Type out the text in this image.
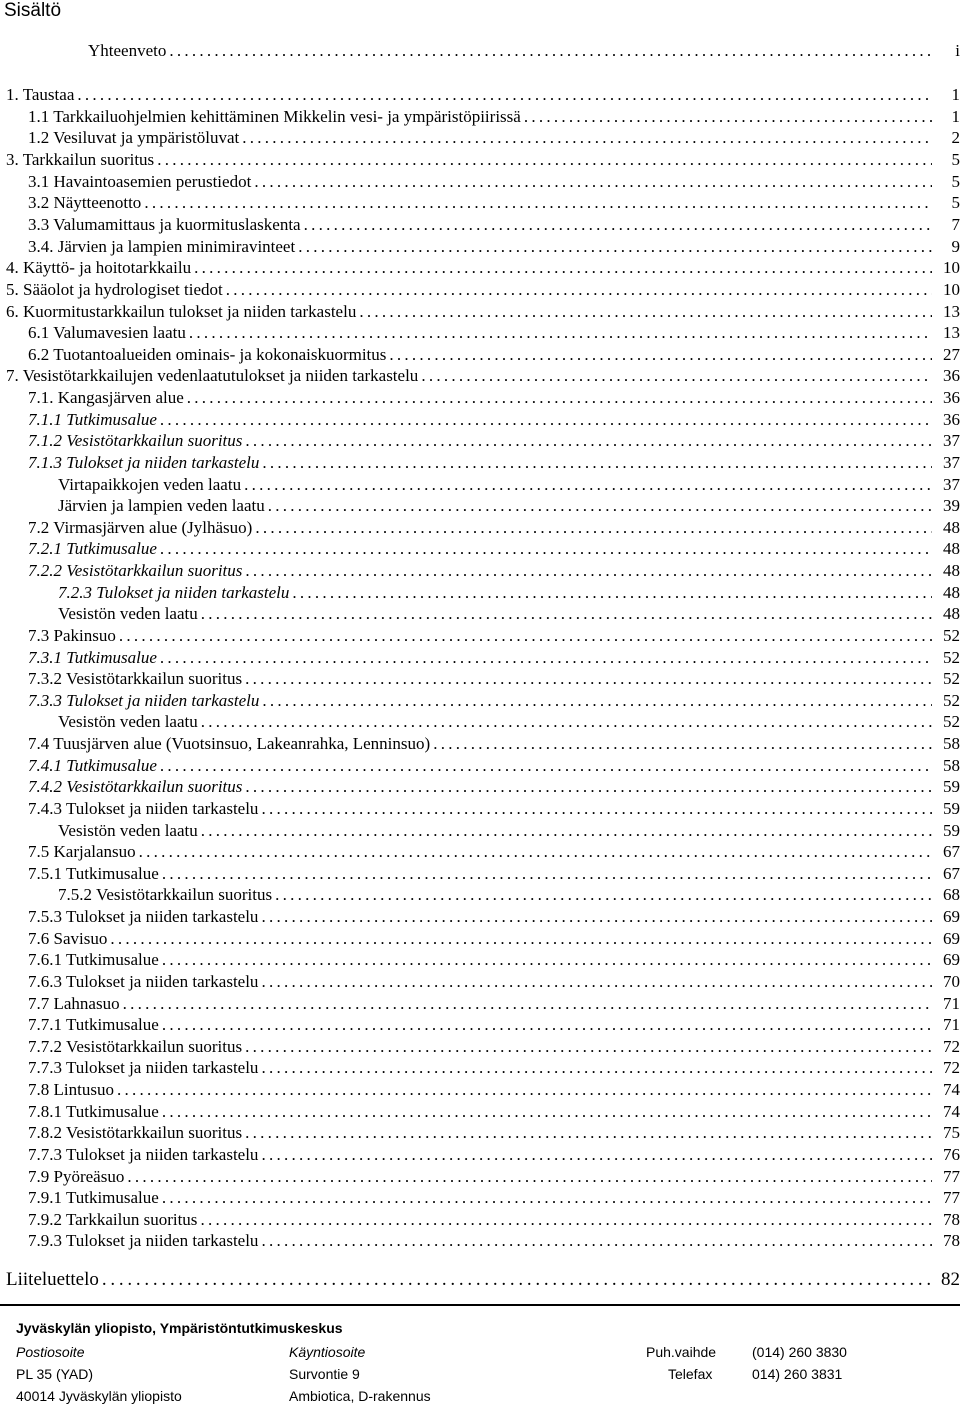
Sisältö
Yhteenveto . . .	i
1. Taustaa . . .	1
1.1 Tarkkailuohjelmien kehittäminen Mikkelin vesi- ja ympäristöpiirissä . . .	1
1.2 Vesiluvat ja ympäristöluvat . . .	2
3. Tarkkailun suoritus . . .	5
3.1 Havaintoasemien perustiedot . . .	5
3.2 Näytteenotto . . .	5
3.3 Valumamittaus ja kuormituslaskenta . . .	7
3.4. Järvien ja lampien minimiravinteet . . .	9
4. Käyttö- ja hoitotarkkailu . . .	10
5. Sääolot ja hydrologiset tiedot . . .	10
6. Kuormitustarkkailun tulokset ja niiden tarkastelu . . .	13
6.1 Valumavesien laatu . . .	13
6.2 Tuotantoalueiden ominais- ja kokonaiskuormitus . . .	27
7. Vesistötarkkailujen vedenlaatutulokset ja niiden tarkastelu . . .	36
7.1. Kangasjärven alue . . .	36
7.1.1 Tutkimusalue . . .	36
7.1.2 Vesistötarkkailun suoritus . . .	37
7.1.3 Tulokset ja niiden tarkastelu . . .	37
Virtapaikkojen veden laatu . . .	37
Järvien ja lampien veden laatu . . .	39
7.2 Virmasjärven alue (Jylhäsuo) . . .	48
7.2.1 Tutkimusalue . . .	48
7.2.2 Vesistötarkkailun suoritus . . .	48
7.2.3 Tulokset ja niiden tarkastelu . . .	48
Vesistön veden laatu . . .	48
7.3 Pakinsuo . . .	52
7.3.1 Tutkimusalue . . .	52
7.3.2 Vesistötarkkailun suoritus . . .	52
7.3.3 Tulokset ja niiden tarkastelu . . .	52
Vesistön veden laatu . . .	52
7.4 Tuusjärven alue (Vuotsinsuo, Lakeanrahka, Lenninsuo) . . .	58
7.4.1 Tutkimusalue . . .	58
7.4.2 Vesistötarkkailun suoritus . . .	59
7.4.3 Tulokset ja niiden tarkastelu . . .	59
Vesistön veden laatu . . .	59
7.5 Karjalansuo . . .	67
7.5.1 Tutkimusalue . . .	67
7.5.2 Vesistötarkkailun suoritus . . .	68
7.5.3 Tulokset ja niiden tarkastelu . . .	69
7.6 Savisuo . . .	69
7.6.1 Tutkimusalue . . .	69
7.6.3 Tulokset ja niiden tarkastelu . . .	70
7.7 Lahnasuo . . .	71
7.7.1 Tutkimusalue . . .	71
7.7.2 Vesistötarkkailun suoritus . . .	72
7.7.3 Tulokset ja niiden tarkastelu . . .	72
7.8 Lintusuo . . .	74
7.8.1 Tutkimusalue . . .	74
7.8.2 Vesistötarkkailun suoritus . . .	75
7.7.3 Tulokset ja niiden tarkastelu . . .	76
7.9 Pyöreäsuo . . .	77
7.9.1 Tutkimusalue . . .	77
7.9.2 Tarkkailun suoritus . . .	78
7.9.3 Tulokset ja niiden tarkastelu . . .	78
Liiteluettelo . . .	82
Jyväskylän yliopisto, Ympäristöntutkimuskeskus
Postiosoite
PL 35 (YAD)
40014 Jyväskylän yliopisto
Käyntiosoite
Survontie 9
Ambiotica, D-rakennus
Puh.vaihde	(014) 260 3830
Telefax	014) 260 3831
